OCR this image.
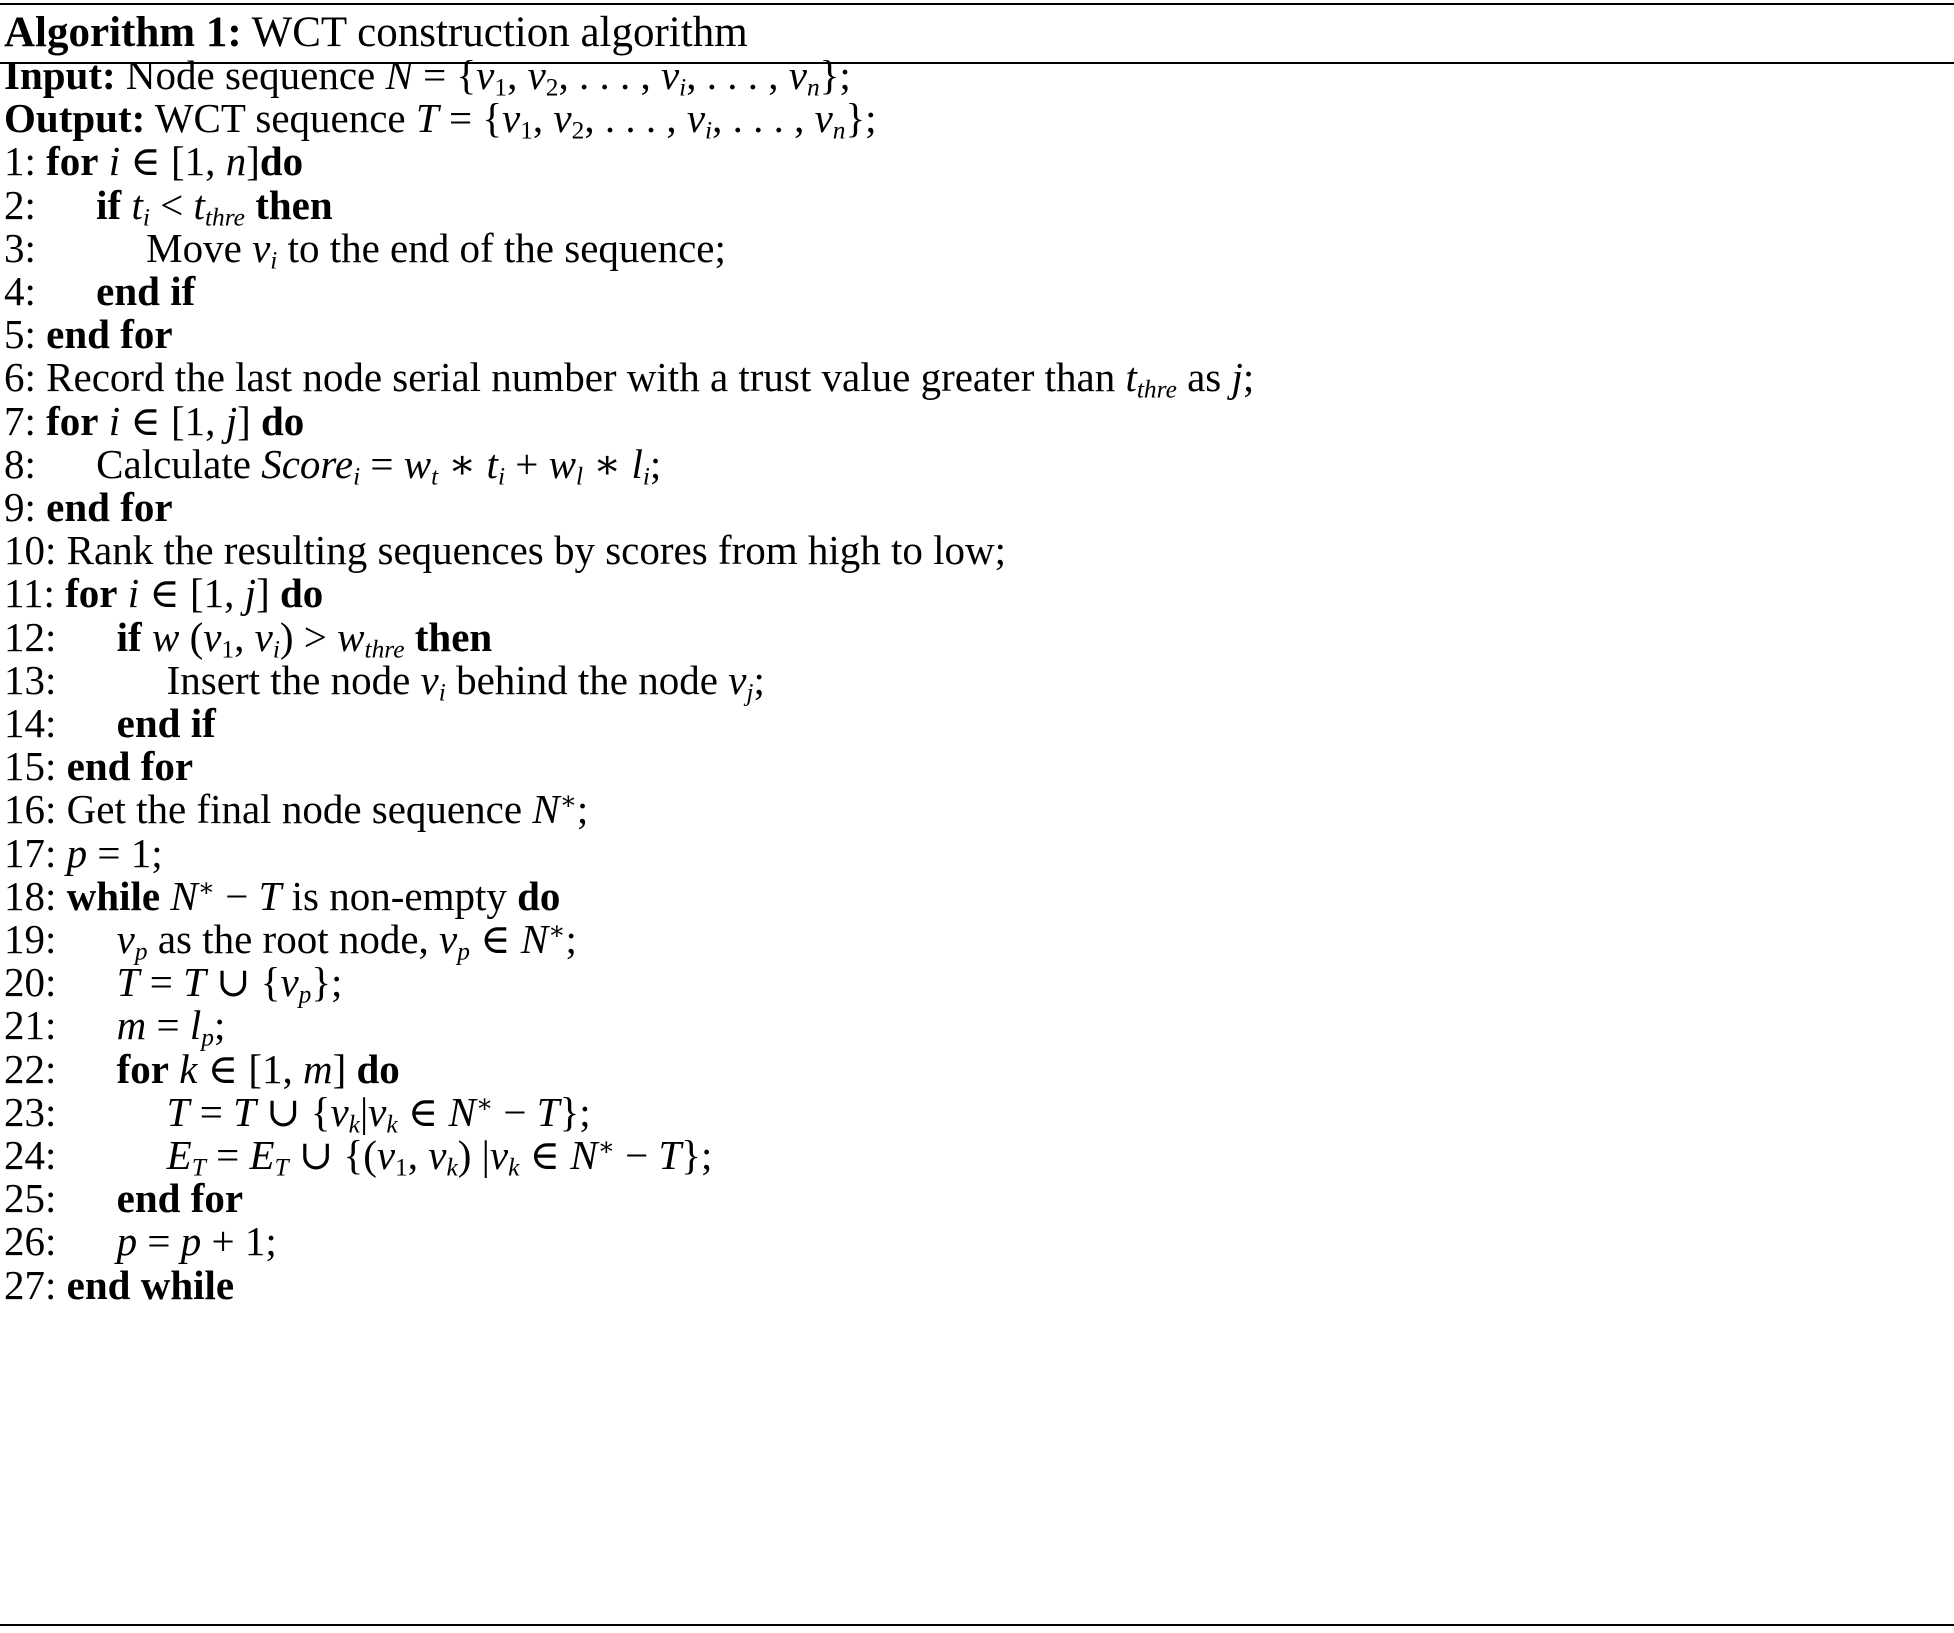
Algorithm 1: WCT construction algorithm
Input: Node sequence $N = \{v_1$, $v_2$, . . . , $v_i$, . . . , $v_n$};
Output: WCT sequence $T = \{v_1$, $v_2$, . . . , $v_i$, . . . , $v_n$};
1: for i ∈ [1, n]do
2: if $t_i < t_{thre}$ then
3:	Move $v_i$ to the end of the sequence;
4: end if
5: end for
6: Record the last node serial number with a trust value greater than $t_{thre}$ as j;
7: for i ∈ [1, j] do
8: Calculate Score$_i$ = $w_t$ ∗ $t_i + w_l$ ∗ $l_i$;
9: end for
10: Rank the resulting sequences by scores from high to low;
11: for i ∈ [1, j] do
12: if w ($v_1$, $v_i) > w_{thre}$ then
13:	Insert the node $v_i$ behind the node $v_j$;
14: end if
15: end for
16: Get the final node sequence N∗;
17: p = 1;
18: while N∗ − T is non-empty do
19: $v_p$ as the root node, $v_p$ ∈ N∗;
20: T = T ∪ $\{v_p\}$;
21: $m = l_p$;
22: for k ∈ [1, m] do
23:	T = T ∪ {$v_k|v_k$ ∈ N∗ − T};
24:	$E_T = E_T$ ∪ {($v_1$, $v_k$) $|v_k$ ∈ N∗ − T};
25: end for
26: p = p + 1;
27: end while
